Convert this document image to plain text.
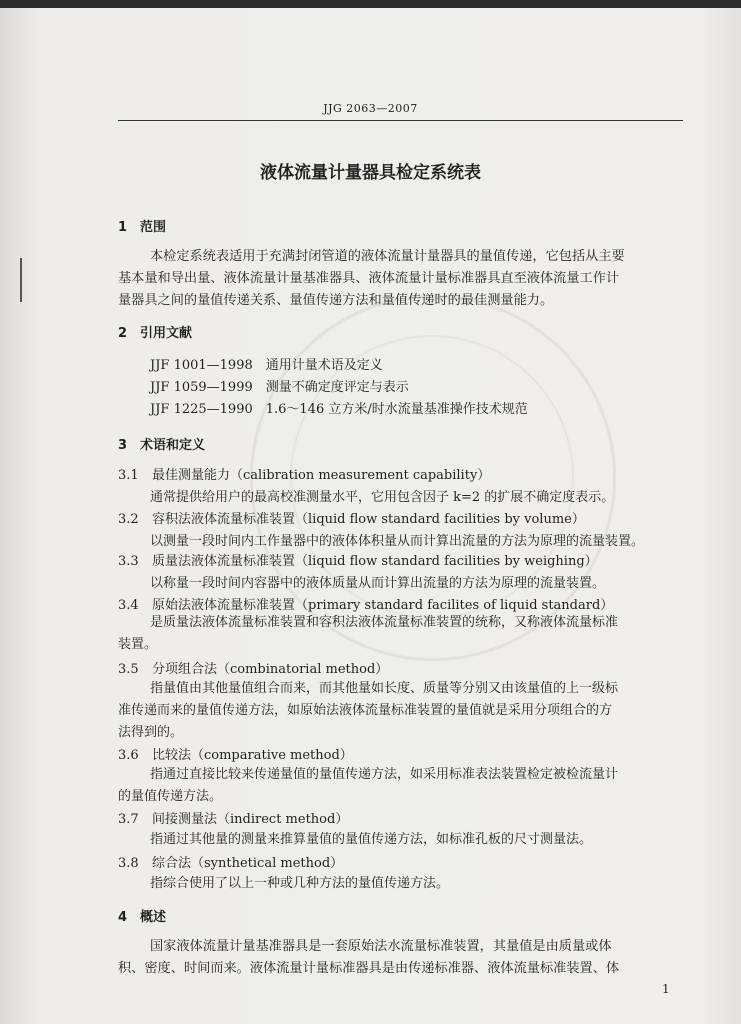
JJG 2063—2007
液体流量计量器具检定系统表
1 范围
本检定系统表适用于充满封闭管道的液体流量计量器具的量值传递，它包括从主要
基本量和导出量、液体流量计量基准器具、液体流量计量标准器具直至液体流量工作计
量器具之间的量值传递关系、量值传递方法和量值传递时的最佳测量能力。
2 引用文献
JJF 1001—1998　通用计量术语及定义
JJF 1059—1999　测量不确定度评定与表示
JJF 1225—1990　1.6～146 立方米/时水流量基准操作技术规范
3 术语和定义
3.1 最佳测量能力（calibration measurement capability）
通常提供给用户的最高校准测量水平，它用包含因子 k=2 的扩展不确定度表示。
3.2 容积法液体流量标准装置（liquid flow standard facilities by volume）
以测量一段时间内工作量器中的液体体积量从而计算出流量的方法为原理的流量装置。
3.3 质量法液体流量标准装置（liquid flow standard facilities by weighing）
以称量一段时间内容器中的液体质量从而计算出流量的方法为原理的流量装置。
3.4 原始法液体流量标准装置（primary standard facilites of liquid standard）
是质量法液体流量标准装置和容积法液体流量标准装置的统称，又称液体流量标准
装置。
3.5 分项组合法（combinatorial method）
指量值由其他量值组合而来，而其他量如长度、质量等分别又由该量值的上一级标
准传递而来的量值传递方法，如原始法液体流量标准装置的量值就是采用分项组合的方
法得到的。
3.6 比较法（comparative method）
指通过直接比较来传递量值的量值传递方法，如采用标准表法装置检定被检流量计
的量值传递方法。
3.7 间接测量法（indirect method）
指通过其他量的测量来推算量值的量值传递方法，如标准孔板的尺寸测量法。
3.8 综合法（synthetical method）
指综合使用了以上一种或几种方法的量值传递方法。
4 概述
国家液体流量计量基准器具是一套原始法水流量标准装置，其量值是由质量或体
积、密度、时间而来。液体流量计量标准器具是由传递标准器、液体流量标准装置、体
1
